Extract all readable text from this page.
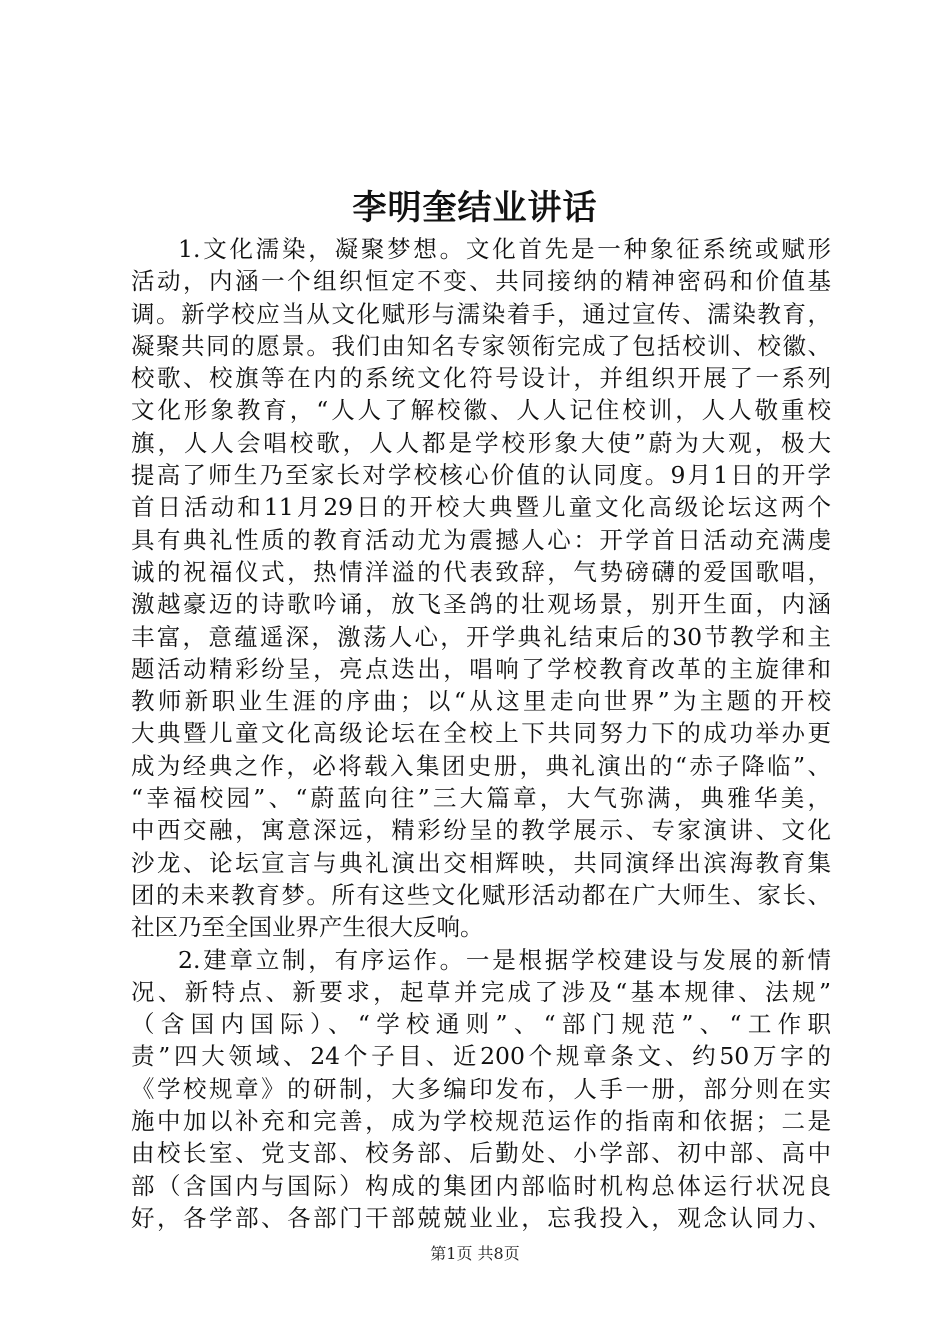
李明奎结业讲话
1.文化濡染，凝聚梦想。文化首先是一种象征系统或赋形
活动，内涵一个组织恒定不变、共同接纳的精神密码和价值基
调。新学校应当从文化赋形与濡染着手，通过宣传、濡染教育，
凝聚共同的愿景。我们由知名专家领衔完成了包括校训、校徽、
校歌、校旗等在内的系统文化符号设计，并组织开展了一系列
文化形象教育，“人人了解校徽、人人记住校训，人人敬重校
旗，人人会唱校歌，人人都是学校形象大使”蔚为大观，极大
提高了师生乃至家长对学校核心价值的认同度。9月1日的开学
首日活动和11月29日的开校大典暨儿童文化高级论坛这两个
具有典礼性质的教育活动尤为震撼人心：开学首日活动充满虔
诚的祝福仪式，热情洋溢的代表致辞，气势磅礴的爱国歌唱，
激越豪迈的诗歌吟诵，放飞圣鸽的壮观场景，别开生面，内涵
丰富，意蕴遥深，激荡人心，开学典礼结束后的30节教学和主
题活动精彩纷呈，亮点迭出，唱响了学校教育改革的主旋律和
教师新职业生涯的序曲；以“从这里走向世界”为主题的开校
大典暨儿童文化高级论坛在全校上下共同努力下的成功举办更
成为经典之作，必将载入集团史册，典礼演出的“赤子降临”、
“幸福校园”、“蔚蓝向往”三大篇章，大气弥满，典雅华美，
中西交融，寓意深远，精彩纷呈的教学展示、专家演讲、文化
沙龙、论坛宣言与典礼演出交相辉映，共同演绎出滨海教育集
团的未来教育梦。所有这些文化赋形活动都在广大师生、家长、
社区乃至全国业界产生很大反响。
2.建章立制，有序运作。一是根据学校建设与发展的新情
况、新特点、新要求，起草并完成了涉及“基本规律、法规”
（含国内国际）、“学校通则”、“部门规范”、“工作职
责”四大领域、24个子目、近200个规章条文、约50万字的
《学校规章》的研制，大多编印发布，人手一册，部分则在实
施中加以补充和完善，成为学校规范运作的指南和依据；二是
由校长室、党支部、校务部、后勤处、小学部、初中部、高中
部（含国内与国际）构成的集团内部临时机构总体运行状况良
好，各学部、各部门干部兢兢业业，忘我投入，观念认同力、
第1页 共8页
